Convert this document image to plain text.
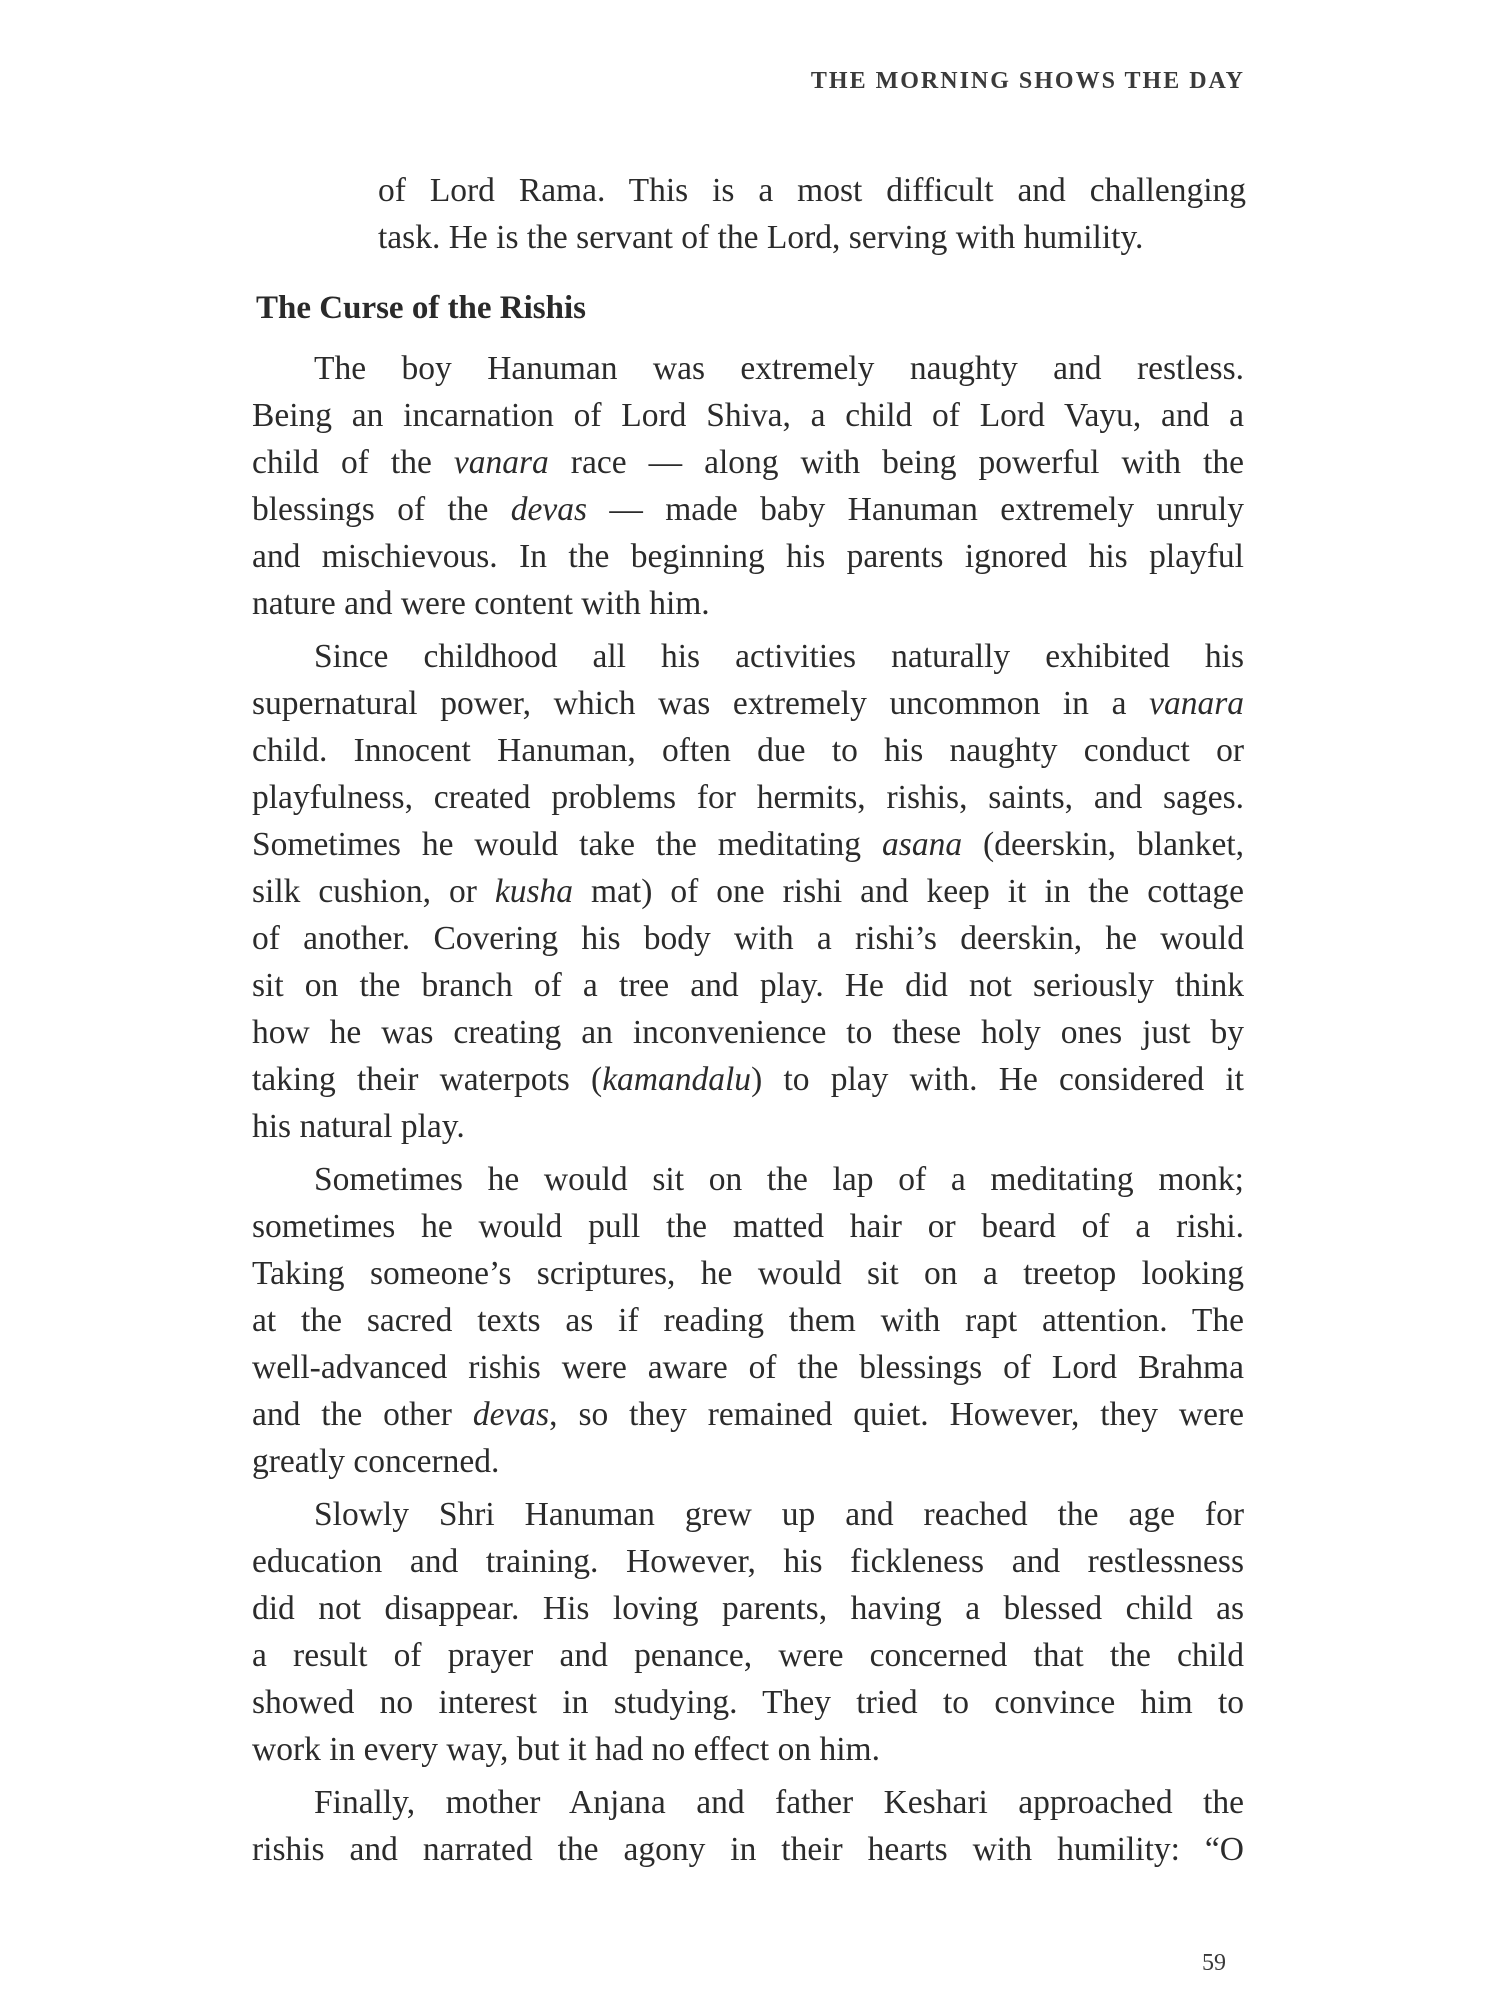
THE MORNING SHOWS THE DAY
of Lord Rama. This is a most difficult and challenging
task. He is the servant of the Lord, serving with humility.
The Curse of the Rishis
The boy Hanuman was extremely naughty and restless.
Being an incarnation of Lord Shiva, a child of Lord Vayu, and a
child of the vanara race — along with being powerful with the
blessings of the devas — made baby Hanuman extremely unruly
and mischievous. In the beginning his parents ignored his playful
nature and were content with him.
Since childhood all his activities naturally exhibited his
supernatural power, which was extremely uncommon in a vanara
child. Innocent Hanuman, often due to his naughty conduct or
playfulness, created problems for hermits, rishis, saints, and sages.
Sometimes he would take the meditating asana (deerskin, blanket,
silk cushion, or kusha mat) of one rishi and keep it in the cottage
of another. Covering his body with a rishi’s deerskin, he would
sit on the branch of a tree and play. He did not seriously think
how he was creating an inconvenience to these holy ones just by
taking their waterpots (kamandalu) to play with. He considered it
his natural play.
Sometimes he would sit on the lap of a meditating monk;
sometimes he would pull the matted hair or beard of a rishi.
Taking someone’s scriptures, he would sit on a treetop looking
at the sacred texts as if reading them with rapt attention. The
well-advanced rishis were aware of the blessings of Lord Brahma
and the other devas, so they remained quiet. However, they were
greatly concerned.
Slowly Shri Hanuman grew up and reached the age for
education and training. However, his fickleness and restlessness
did not disappear. His loving parents, having a blessed child as
a result of prayer and penance, were concerned that the child
showed no interest in studying. They tried to convince him to
work in every way, but it had no effect on him.
Finally, mother Anjana and father Keshari approached the
rishis and narrated the agony in their hearts with humility: “O
59
